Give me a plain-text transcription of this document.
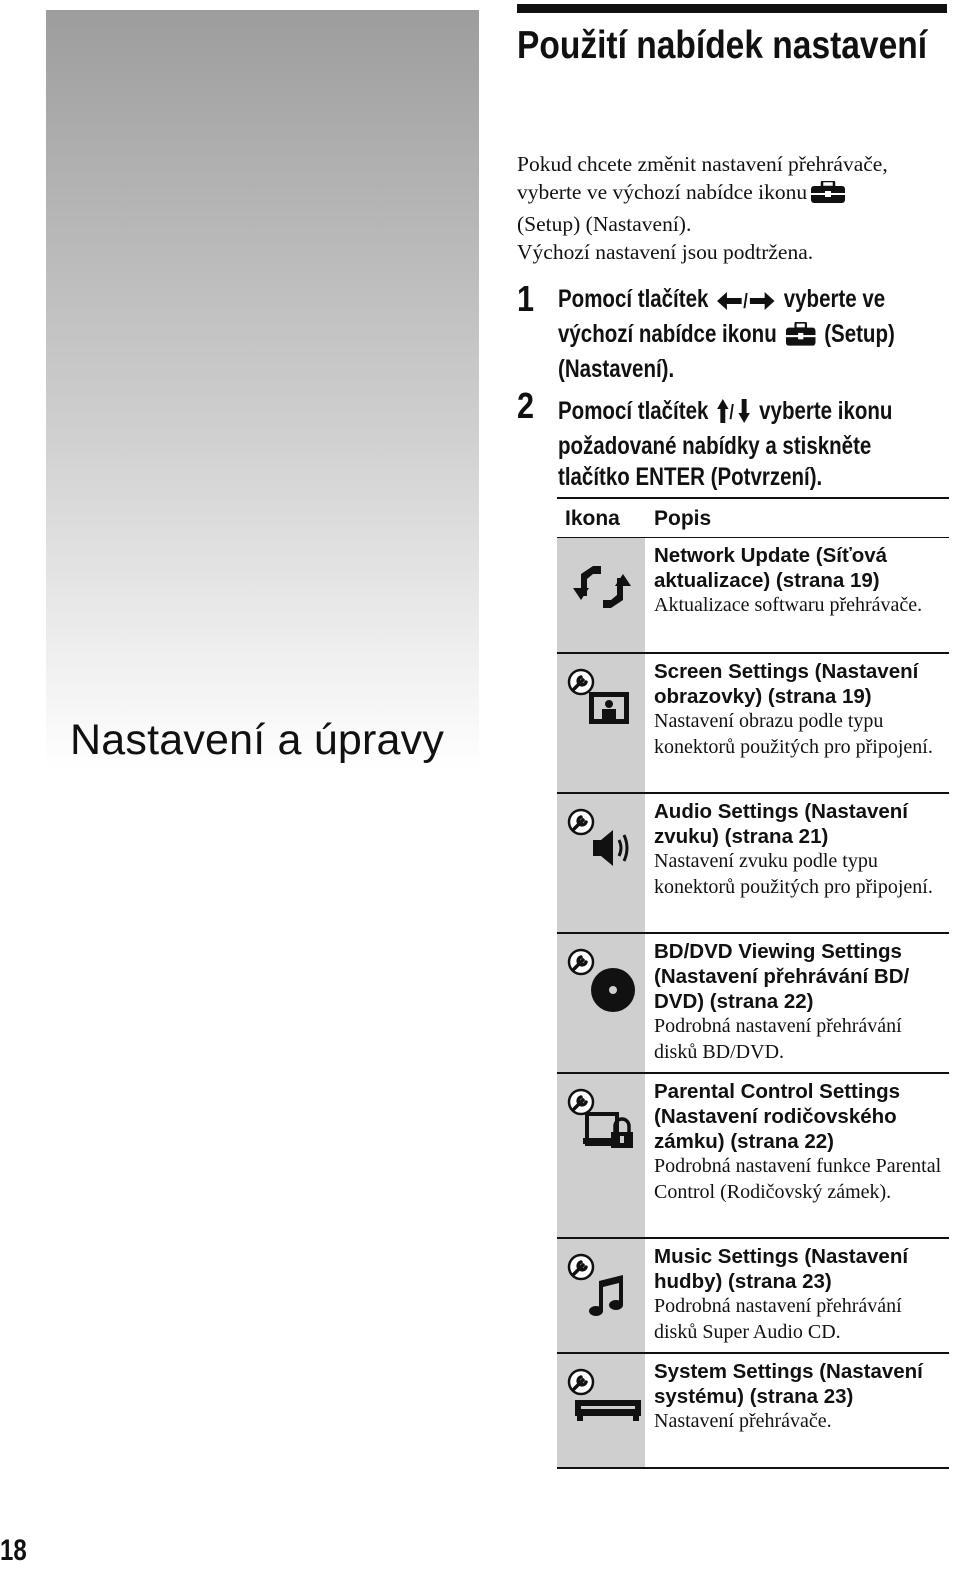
Nastavení a úpravy
Použití nabídek nastavení
Pokud chcete změnit nastavení přehrávače,
vyberte ve výchozí nabídce ikonu
(Setup) (Nastavení).
Výchozí nastavení jsou podtržena.
1 Pomocí tlačítek / vyberte ve výchozí nabídce ikonu (Setup) (Nastavení).
2 Pomocí tlačítek / vyberte ikonu požadované nabídky a stiskněte tlačítko ENTER (Potvrzení).
Ikona Popis
Network Update (Síťová aktualizace) (strana 19)
Aktualizace softwaru přehrávače.
Screen Settings (Nastavení obrazovky) (strana 19)
Nastavení obrazu podle typu konektorů použitých pro připojení.
Audio Settings (Nastavení zvuku) (strana 21)
Nastavení zvuku podle typu konektorů použitých pro připojení.
BD/DVD Viewing Settings (Nastavení přehrávání BD/ DVD) (strana 22)
Podrobná nastavení přehrávání disků BD/DVD.
Parental Control Settings (Nastavení rodičovského zámku) (strana 22)
Podrobná nastavení funkce Parental Control (Rodičovský zámek).
Music Settings (Nastavení hudby) (strana 23)
Podrobná nastavení přehrávání disků Super Audio CD.
System Settings (Nastavení systému) (strana 23)
Nastavení přehrávače.
18
